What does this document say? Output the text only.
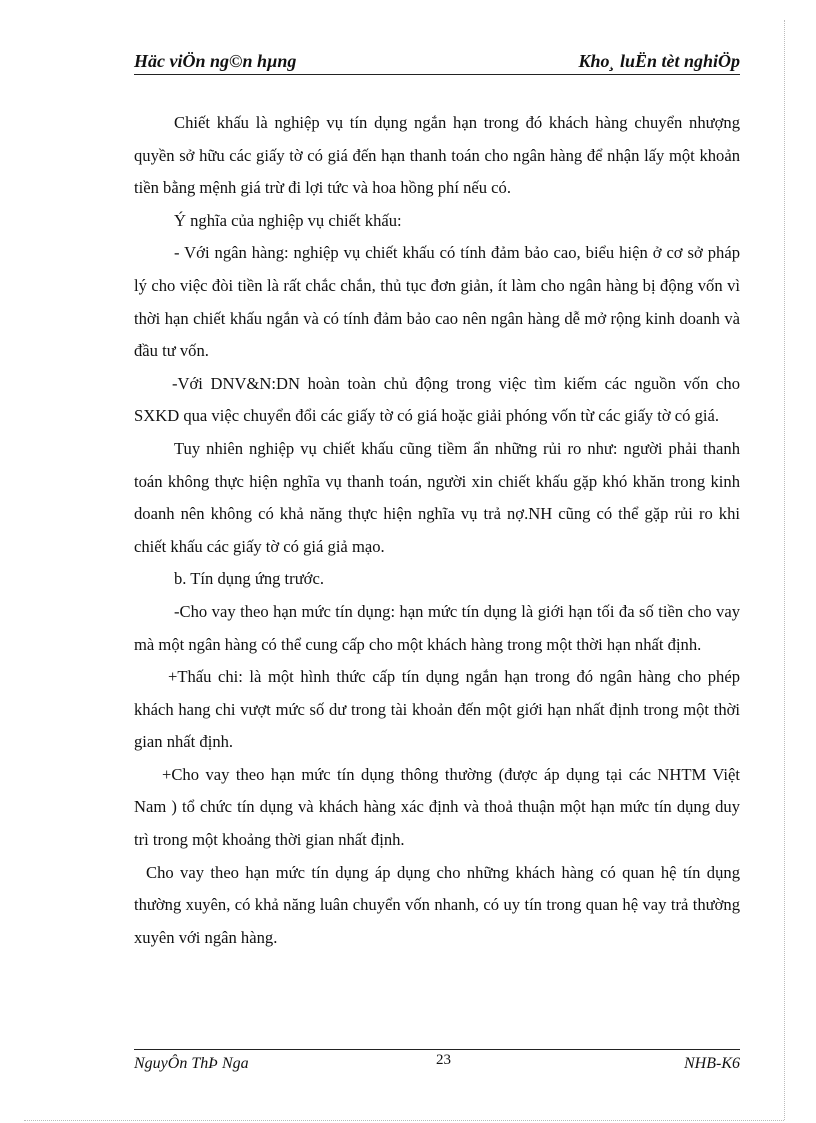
Häc viÖn ng©n hµng	Kho¸ luËn tèt nghiÖp

Chiết khấu là nghiệp vụ tín dụng ngắn hạn trong đó khách hàng chuyển nhượng quyền sở hữu các giấy tờ có giá đến hạn thanh toán cho ngân hàng để nhận lấy một khoản tiền bằng mệnh giá trừ đi lợi tức và hoa hồng phí nếu có.

Ý nghĩa của nghiệp vụ chiết khấu:

- Với ngân hàng: nghiệp vụ chiết khấu có tính đảm bảo cao, biểu hiện ở cơ sở pháp lý cho việc đòi tiền là rất chắc chắn, thủ tục đơn giản, ít làm cho ngân hàng bị động vốn vì thời hạn chiết khấu ngắn và có tính đảm bảo cao nên ngân hàng dễ mở rộng kinh doanh và đầu tư vốn.

-Với DNV&N:DN hoàn toàn chủ động trong việc tìm kiếm các nguồn vốn cho SXKD qua việc chuyển đổi các giấy tờ có giá hoặc giải phóng vốn từ các giấy tờ có giá.

Tuy nhiên nghiệp vụ chiết khấu cũng tiềm ẩn những rủi ro như: người phải thanh toán không thực hiện nghĩa vụ thanh toán, người xin chiết khấu gặp khó khăn trong kinh doanh nên không có khả năng thực hiện nghĩa vụ trả nợ.NH cũng có thể gặp rủi ro khi chiết khấu các giấy tờ có giá giả mạo.

b. Tín dụng ứng trước.

-Cho vay theo hạn mức tín dụng: hạn mức tín dụng là giới hạn tối đa số tiền cho vay mà một ngân hàng có thể cung cấp cho một khách hàng trong một thời hạn nhất định.

+Thấu chi: là một hình thức cấp tín dụng ngắn hạn trong đó ngân hàng cho phép khách hang chi vượt mức số dư trong tài khoản đến một giới hạn nhất định trong một thời gian nhất định.

+Cho vay theo hạn mức tín dụng thông thường (được áp dụng tại các NHTM Việt Nam ) tổ chức tín dụng và khách hàng xác định và thoả thuận một hạn mức tín dụng duy trì trong một khoảng thời gian nhất định.

Cho vay theo hạn mức tín dụng áp dụng cho những khách hàng có quan hệ tín dụng thường xuyên, có khả năng luân chuyển vốn nhanh, có uy tín trong quan hệ vay trả thường xuyên với ngân hàng.

NguyÔn ThÞ Nga	23	NHB-K6
